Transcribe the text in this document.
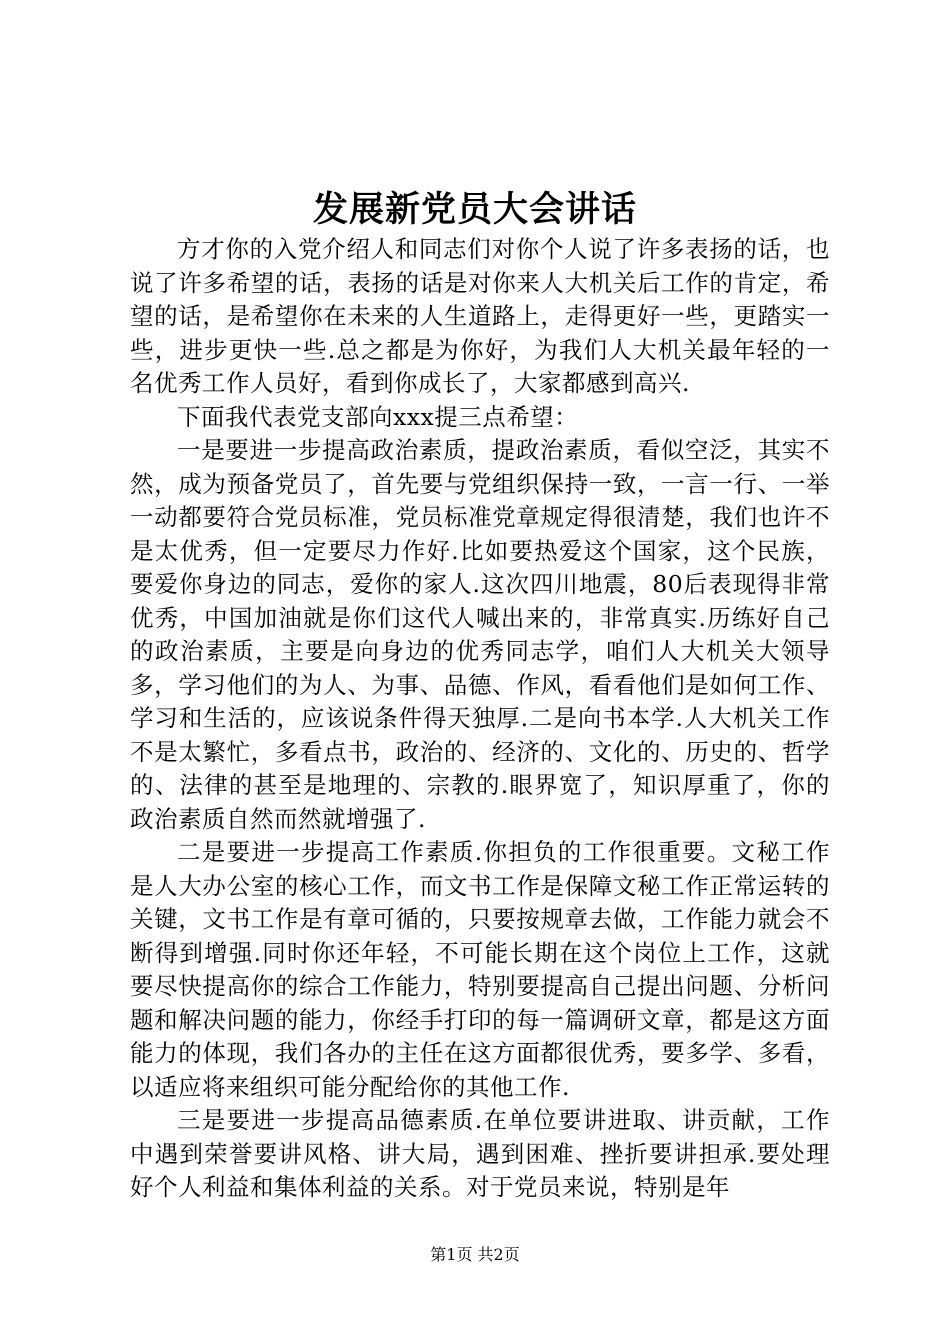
发展新党员大会讲话

方才你的入党介绍人和同志们对你个人说了许多表扬的话，也说了许多希望的话，表扬的话是对你来人大机关后工作的肯定，希望的话，是希望你在未来的人生道路上，走得更好一些，更踏实一些，进步更快一些.总之都是为你好，为我们人大机关最年轻的一名优秀工作人员好，看到你成长了，大家都感到高兴.

下面我代表党支部向xxx提三点希望：

一是要进一步提高政治素质，提政治素质，看似空泛，其实不然，成为预备党员了，首先要与党组织保持一致，一言一行、一举一动都要符合党员标准，党员标准党章规定得很清楚，我们也许不是太优秀，但一定要尽力作好.比如要热爱这个国家，这个民族，要爱你身边的同志，爱你的家人.这次四川地震，80后表现得非常优秀，中国加油就是你们这代人喊出来的，非常真实.历练好自己的政治素质，主要是向身边的优秀同志学，咱们人大机关大领导多，学习他们的为人、为事、品德、作风，看看他们是如何工作、学习和生活的，应该说条件得天独厚.二是向书本学.人大机关工作不是太繁忙，多看点书，政治的、经济的、文化的、历史的、哲学的、法律的甚至是地理的、宗教的.眼界宽了，知识厚重了，你的政治素质自然而然就增强了.

二是要进一步提高工作素质.你担负的工作很重要。文秘工作是人大办公室的核心工作，而文书工作是保障文秘工作正常运转的关键，文书工作是有章可循的，只要按规章去做，工作能力就会不断得到增强.同时你还年轻，不可能长期在这个岗位上工作，这就要尽快提高你的综合工作能力，特别要提高自己提出问题、分析问题和解决问题的能力，你经手打印的每一篇调研文章，都是这方面能力的体现，我们各办的主任在这方面都很优秀，要多学、多看，以适应将来组织可能分配给你的其他工作.

三是要进一步提高品德素质.在单位要讲进取、讲贡献，工作中遇到荣誉要讲风格、讲大局，遇到困难、挫折要讲担承.要处理好个人利益和集体利益的关系。对于党员来说，特别是年

第1页 共2页
